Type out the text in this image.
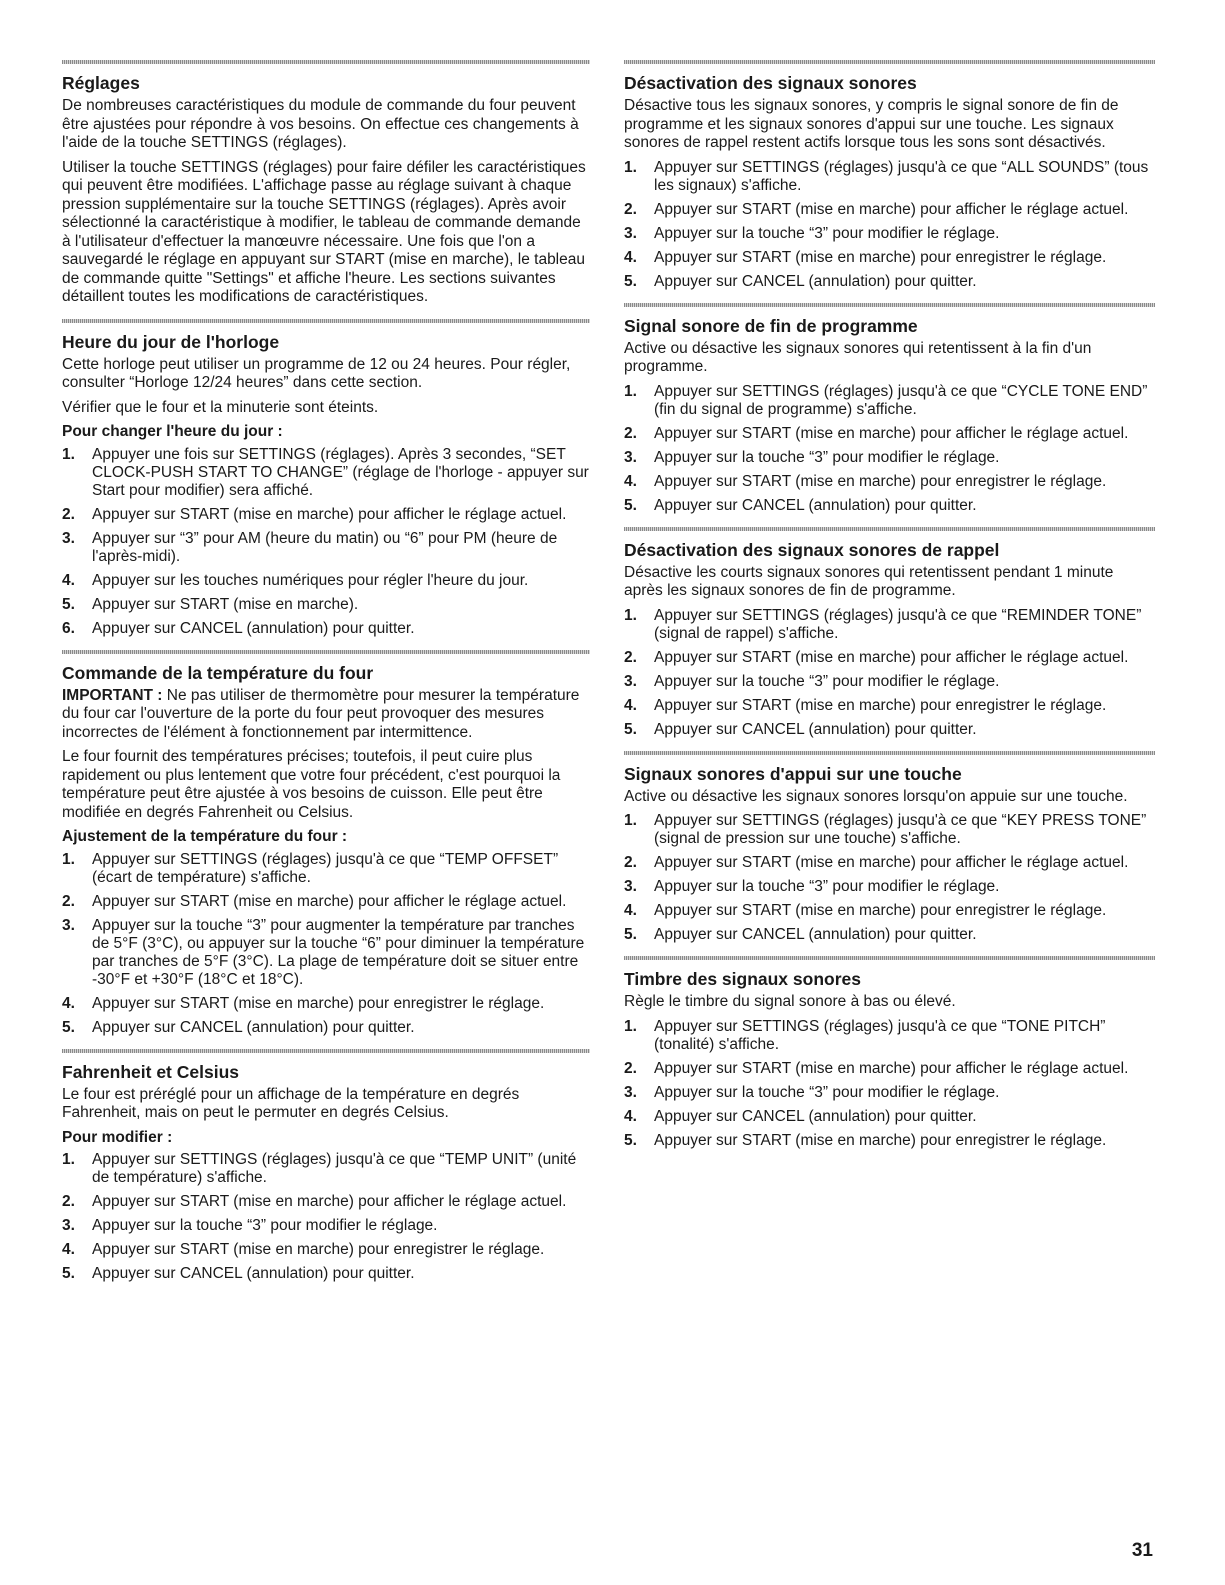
Réglages

De nombreuses caractéristiques du module de commande du four peuvent être ajustées pour répondre à vos besoins. On effectue ces changements à l'aide de la touche SETTINGS (réglages).

Utiliser la touche SETTINGS (réglages) pour faire défiler les caractéristiques qui peuvent être modifiées. L'affichage passe au réglage suivant à chaque pression supplémentaire sur la touche SETTINGS (réglages). Après avoir sélectionné la caractéristique à modifier, le tableau de commande demande à l'utilisateur d'effectuer la manœuvre nécessaire. Une fois que l'on a sauvegardé le réglage en appuyant sur START (mise en marche), le tableau de commande quitte "Settings" et affiche l'heure. Les sections suivantes détaillent toutes les modifications de caractéristiques.

Heure du jour de l'horloge

Cette horloge peut utiliser un programme de 12 ou 24 heures. Pour régler, consulter “Horloge 12/24 heures” dans cette section.

Vérifier que le four et la minuterie sont éteints.

Pour changer l'heure du jour :
1. Appuyer une fois sur SETTINGS (réglages). Après 3 secondes, “SET CLOCK-PUSH START TO CHANGE” (réglage de l'horloge - appuyer sur Start pour modifier) sera affiché.
2. Appuyer sur START (mise en marche) pour afficher le réglage actuel.
3. Appuyer sur “3” pour AM (heure du matin) ou “6” pour PM (heure de l'après-midi).
4. Appuyer sur les touches numériques pour régler l'heure du jour.
5. Appuyer sur START (mise en marche).
6. Appuyer sur CANCEL (annulation) pour quitter.
Commande de la température du four

IMPORTANT : Ne pas utiliser de thermomètre pour mesurer la température du four car l'ouverture de la porte du four peut provoquer des mesures incorrectes de l'élément à fonctionnement par intermittence.

Le four fournit des températures précises; toutefois, il peut cuire plus rapidement ou plus lentement que votre four précédent, c'est pourquoi la température peut être ajustée à vos besoins de cuisson. Elle peut être modifiée en degrés Fahrenheit ou Celsius.

Ajustement de la température du four :
1. Appuyer sur SETTINGS (réglages) jusqu'à ce que “TEMP OFFSET” (écart de température) s'affiche.
2. Appuyer sur START (mise en marche) pour afficher le réglage actuel.
3. Appuyer sur la touche “3” pour augmenter la température par tranches de 5°F (3°C), ou appuyer sur la touche “6” pour diminuer la température par tranches de 5°F (3°C). La plage de température doit se situer entre -30°F et +30°F (18°C et 18°C).
4. Appuyer sur START (mise en marche) pour enregistrer le réglage.
5. Appuyer sur CANCEL (annulation) pour quitter.
Fahrenheit et Celsius

Le four est préréglé pour un affichage de la température en degrés Fahrenheit, mais on peut le permuter en degrés Celsius.

Pour modifier :
1. Appuyer sur SETTINGS (réglages) jusqu'à ce que “TEMP UNIT” (unité de température) s'affiche.
2. Appuyer sur START (mise en marche) pour afficher le réglage actuel.
3. Appuyer sur la touche “3” pour modifier le réglage.
4. Appuyer sur START (mise en marche) pour enregistrer le réglage.
5. Appuyer sur CANCEL (annulation) pour quitter.
Désactivation des signaux sonores

Désactive tous les signaux sonores, y compris le signal sonore de fin de programme et les signaux sonores d'appui sur une touche. Les signaux sonores de rappel restent actifs lorsque tous les sons sont désactivés.

1. Appuyer sur SETTINGS (réglages) jusqu'à ce que “ALL SOUNDS” (tous les signaux) s'affiche.
2. Appuyer sur START (mise en marche) pour afficher le réglage actuel.
3. Appuyer sur la touche “3” pour modifier le réglage.
4. Appuyer sur START (mise en marche) pour enregistrer le réglage.
5. Appuyer sur CANCEL (annulation) pour quitter.
Signal sonore de fin de programme

Active ou désactive les signaux sonores qui retentissent à la fin d'un programme.

1. Appuyer sur SETTINGS (réglages) jusqu'à ce que “CYCLE TONE END” (fin du signal de programme) s'affiche.
2. Appuyer sur START (mise en marche) pour afficher le réglage actuel.
3. Appuyer sur la touche “3” pour modifier le réglage.
4. Appuyer sur START (mise en marche) pour enregistrer le réglage.
5. Appuyer sur CANCEL (annulation) pour quitter.
Désactivation des signaux sonores de rappel

Désactive les courts signaux sonores qui retentissent pendant 1 minute après les signaux sonores de fin de programme.

1. Appuyer sur SETTINGS (réglages) jusqu'à ce que “REMINDER TONE” (signal de rappel) s'affiche.
2. Appuyer sur START (mise en marche) pour afficher le réglage actuel.
3. Appuyer sur la touche “3” pour modifier le réglage.
4. Appuyer sur START (mise en marche) pour enregistrer le réglage.
5. Appuyer sur CANCEL (annulation) pour quitter.
Signaux sonores d'appui sur une touche

Active ou désactive les signaux sonores lorsqu'on appuie sur une touche.

1. Appuyer sur SETTINGS (réglages) jusqu'à ce que “KEY PRESS TONE” (signal de pression sur une touche) s'affiche.
2. Appuyer sur START (mise en marche) pour afficher le réglage actuel.
3. Appuyer sur la touche “3” pour modifier le réglage.
4. Appuyer sur START (mise en marche) pour enregistrer le réglage.
5. Appuyer sur CANCEL (annulation) pour quitter.
Timbre des signaux sonores

Règle le timbre du signal sonore à bas ou élevé.

1. Appuyer sur SETTINGS (réglages) jusqu'à ce que “TONE PITCH” (tonalité) s'affiche.
2. Appuyer sur START (mise en marche) pour afficher le réglage actuel.
3. Appuyer sur la touche “3” pour modifier le réglage.
4. Appuyer sur CANCEL (annulation) pour quitter.
5. Appuyer sur START (mise en marche) pour enregistrer le réglage.
31
